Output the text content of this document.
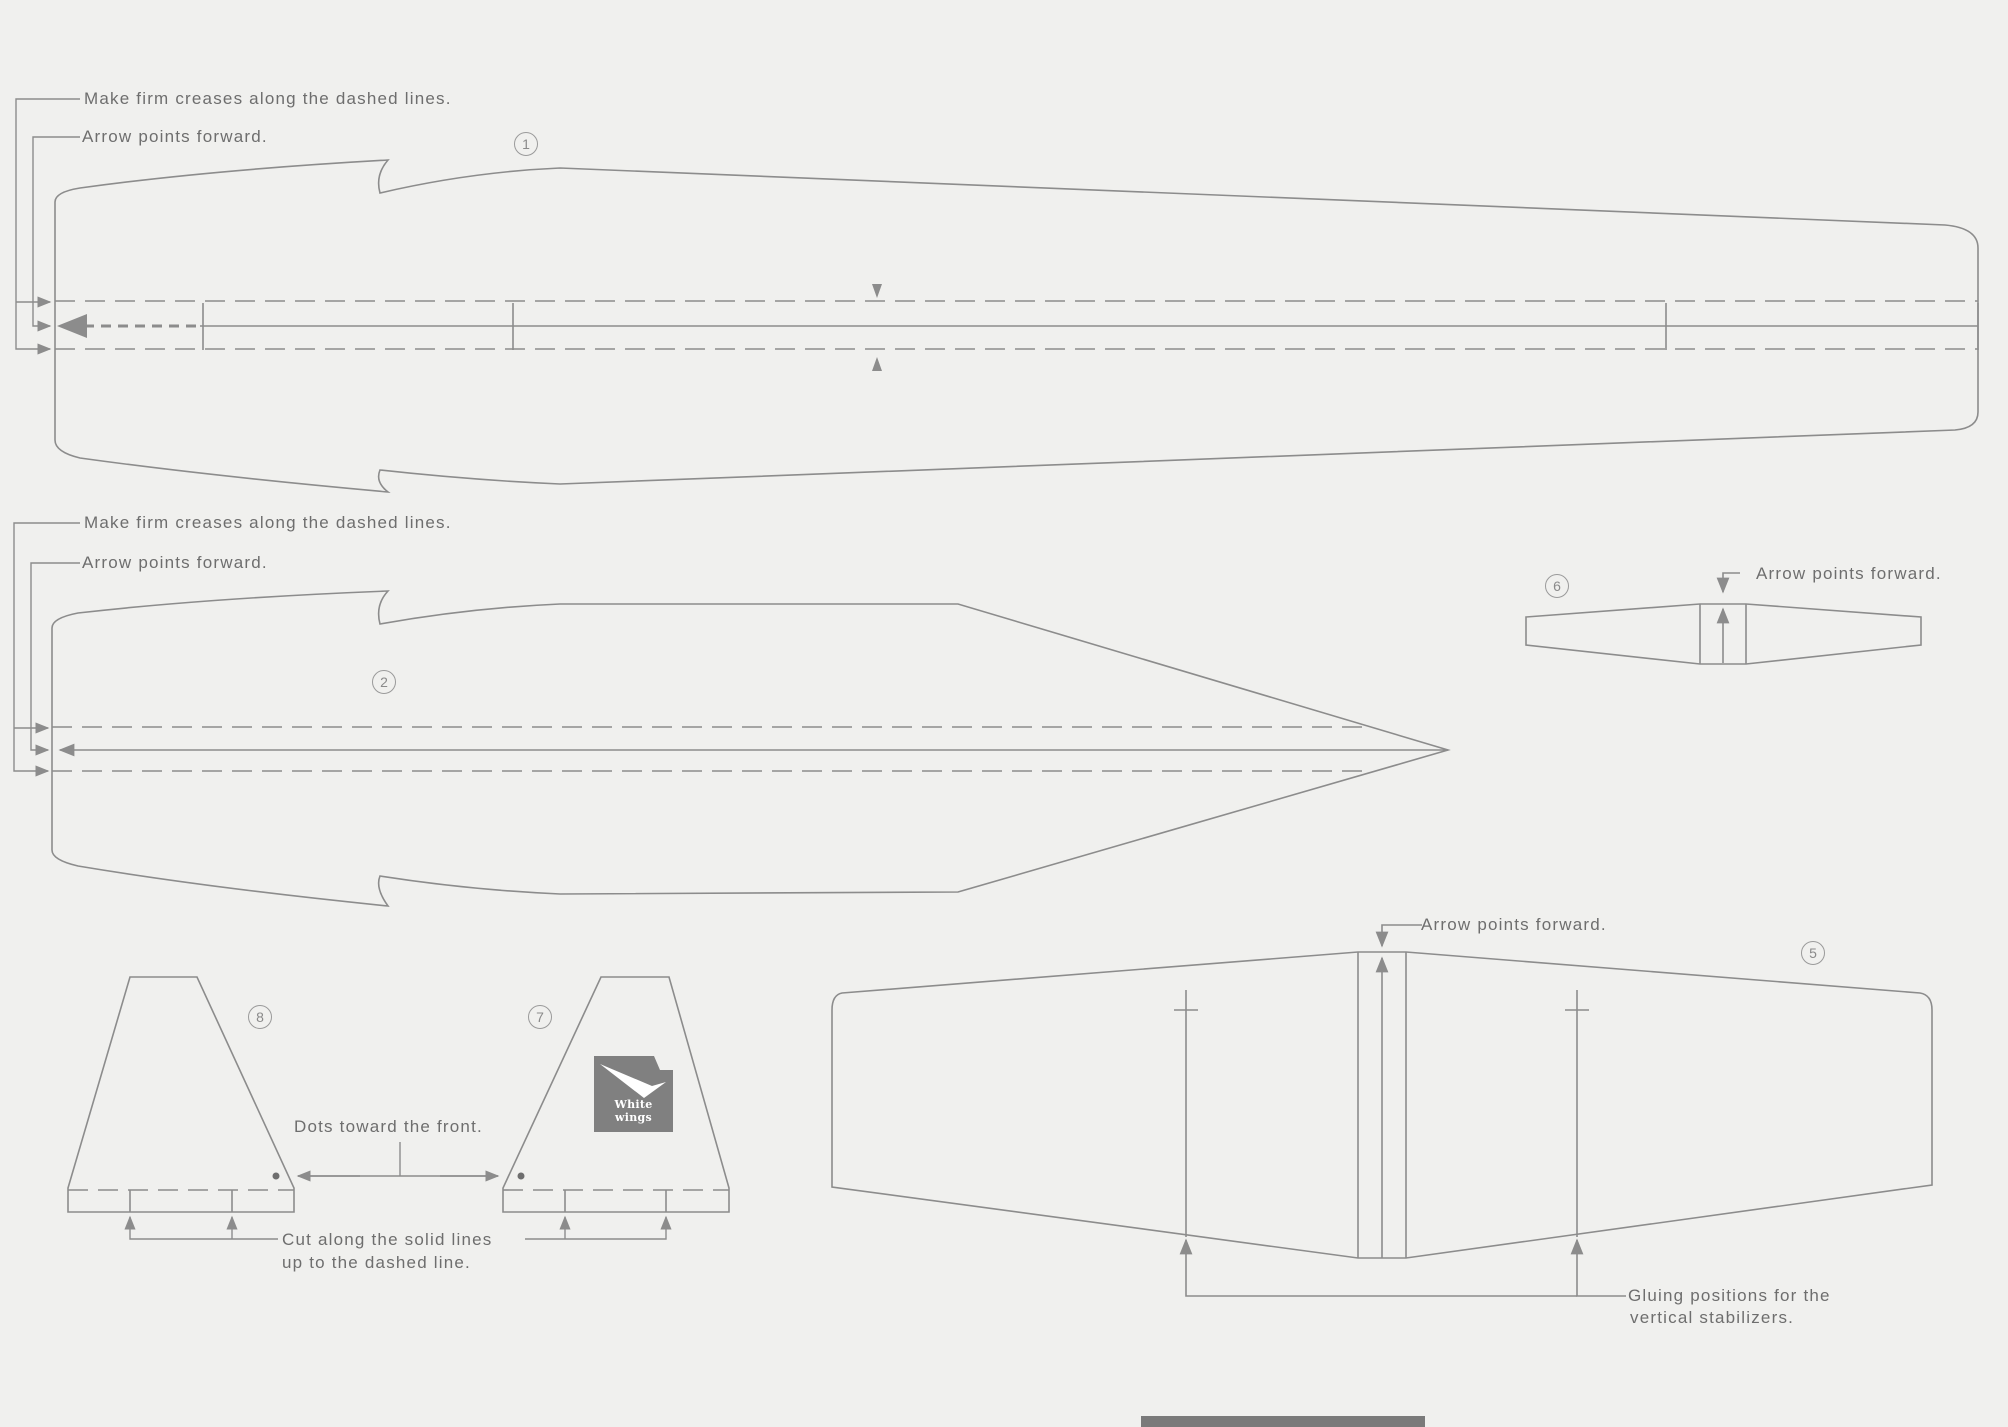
Make firm creases along the dashed lines.
Arrow points forward.
Make firm creases along the dashed lines.
Arrow points forward.
Arrow points forward.
Arrow points forward.
Dots toward the front.
Cut along the solid lines
up to the dashed line.
Gluing positions for the
vertical stabilizers.
1
2
6
5
8	7
White wings
